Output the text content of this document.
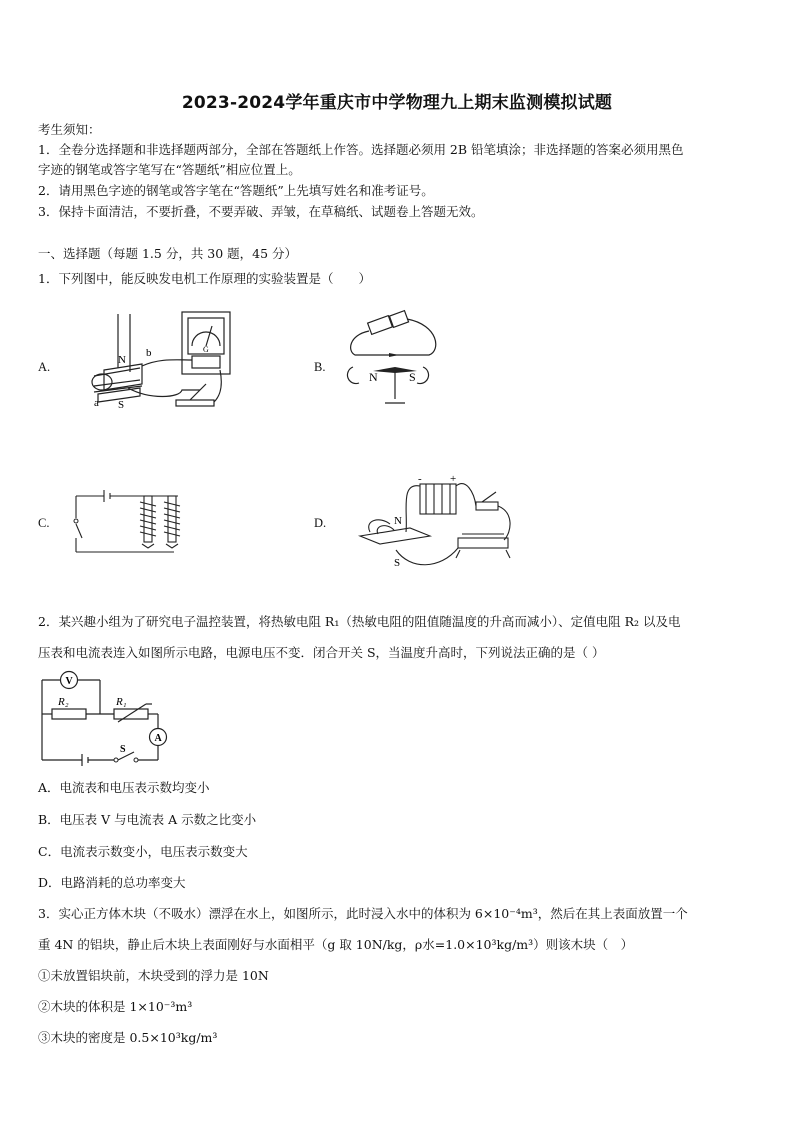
2023-2024学年重庆市中学物理九上期末监测模拟试题
考生须知：
1．全卷分选择题和非选择题两部分，全部在答题纸上作答。选择题必须用 2B 铅笔填涂；非选择题的答案必须用黑色
字迹的钢笔或答字笔写在“答题纸”相应位置上。
2．请用黑色字迹的钢笔或答字笔在“答题纸”上先填写姓名和准考证号。
3．保持卡面清洁，不要折叠，不要弄破、弄皱，在草稿纸、试题卷上答题无效。
一、选择题（每题 1.5 分，共 30 题，45 分）
1．下列图中，能反映发电机工作原理的实验装置是（　　）
A.	B.
C.	D.
N
b
a S
G
N	S
N
S
-	+
2．某兴趣小组为了研究电子温控装置，将热敏电阻 R₁（热敏电阻的阻值随温度的升高而减小）、定值电阻 R₂ 以及电
压表和电流表连入如图所示电路，电源电压不变．闭合开关 S，当温度升高时，下列说法正确的是（ ）
V
A
R₂	R₁
S
A．电流表和电压表示数均变小
B．电压表 V 与电流表 A 示数之比变小
C．电流表示数变小，电压表示数变大
D．电路消耗的总功率变大
3．实心正方体木块（不吸水）漂浮在水上，如图所示，此时浸入水中的体积为 6×10⁻⁴m³，然后在其上表面放置一个
重 4N 的铝块，静止后木块上表面刚好与水面相平（g 取 10N/kg，ρ水=1.0×10³kg/m³）则该木块（　）
①未放置铝块前，木块受到的浮力是 10N
②木块的体积是 1×10⁻³m³
③木块的密度是 0.5×10³kg/m³
